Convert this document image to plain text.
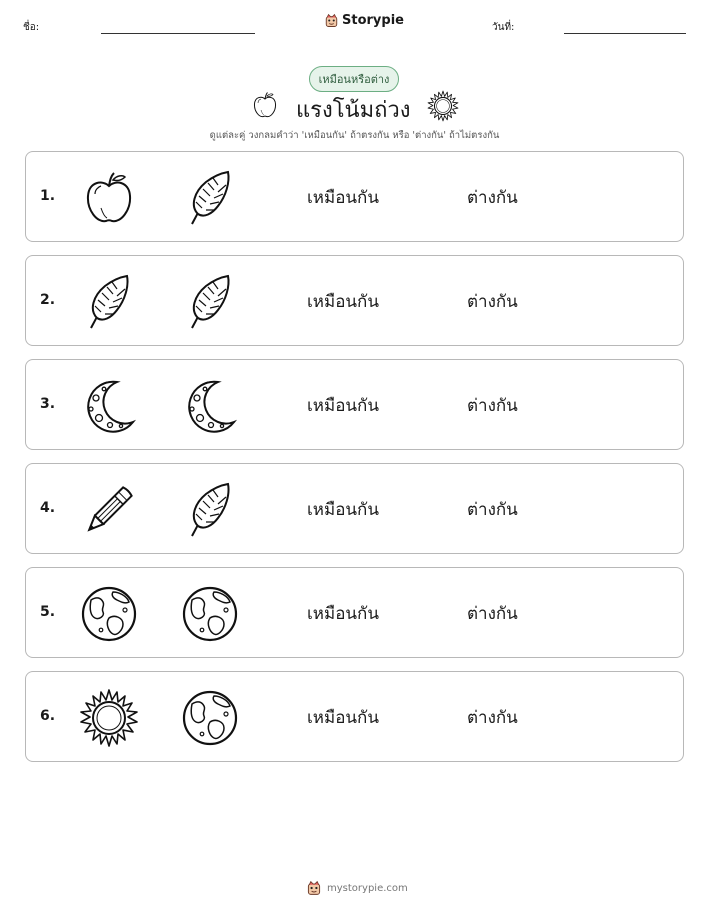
ชื่อ:	Storypie	วันที่:
เหมือนหรือต่าง
แรงโน้มถ่วง
ดูแต่ละคู่ วงกลมคำว่า 'เหมือนกัน' ถ้าตรงกัน หรือ 'ต่างกัน' ถ้าไม่ตรงกัน
1.	เหมือนกัน	ต่างกัน
2.	เหมือนกัน	ต่างกัน
3.	เหมือนกัน	ต่างกัน
4.	เหมือนกัน	ต่างกัน
5.	เหมือนกัน	ต่างกัน
6.	เหมือนกัน	ต่างกัน
mystorypie.com
